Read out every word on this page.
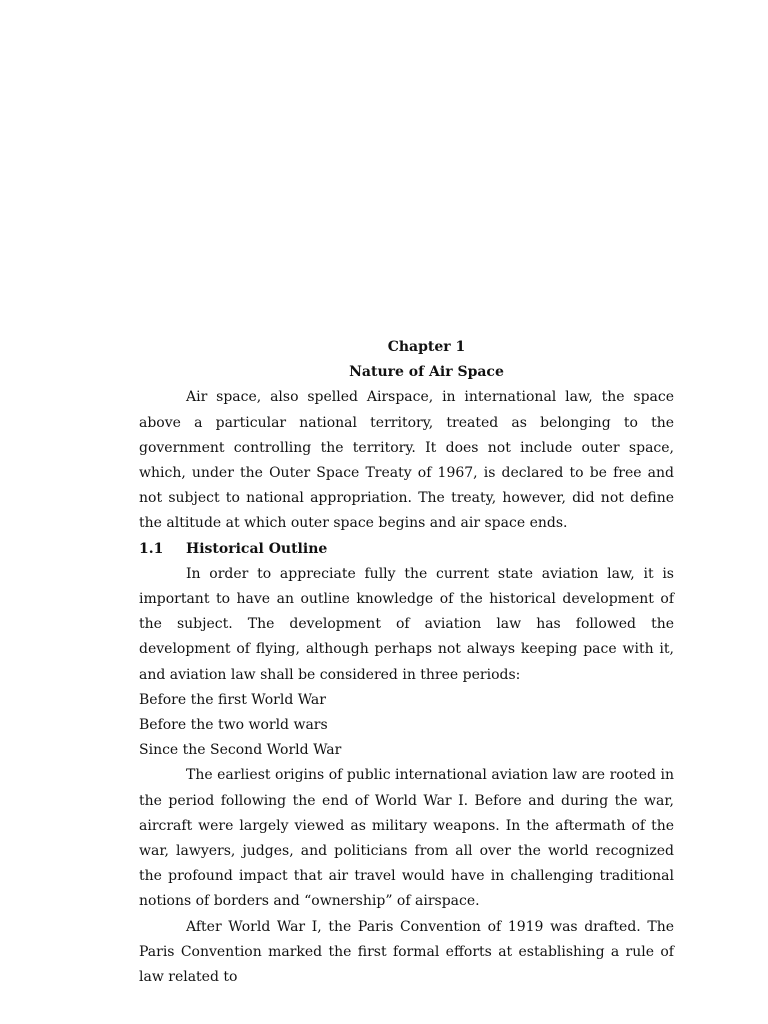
Chapter 1
Nature of Air Space

Air space, also spelled Airspace, in international law, the space above a particular national territory, treated as belonging to the government controlling the territory. It does not include outer space, which, under the Outer Space Treaty of 1967, is declared to be free and not subject to national appropriation. The treaty, however, did not define the altitude at which outer space begins and air space ends.

1.1 Historical Outline

In order to appreciate fully the current state aviation law, it is important to have an outline knowledge of the historical development of the subject. The development of aviation law has followed the development of flying, although perhaps not always keeping pace with it, and aviation law shall be considered in three periods:

Before the first World War

Before the two world wars

Since the Second World War

The earliest origins of public international aviation law are rooted in the period following the end of World War I. Before and during the war, aircraft were largely viewed as military weapons. In the aftermath of the war, lawyers, judges, and politicians from all over the world recognized the profound impact that air travel would have in challenging traditional notions of borders and “ownership” of airspace.

After World War I, the Paris Convention of 1919 was drafted. The Paris Convention marked the first formal efforts at establishing a rule of law related to
